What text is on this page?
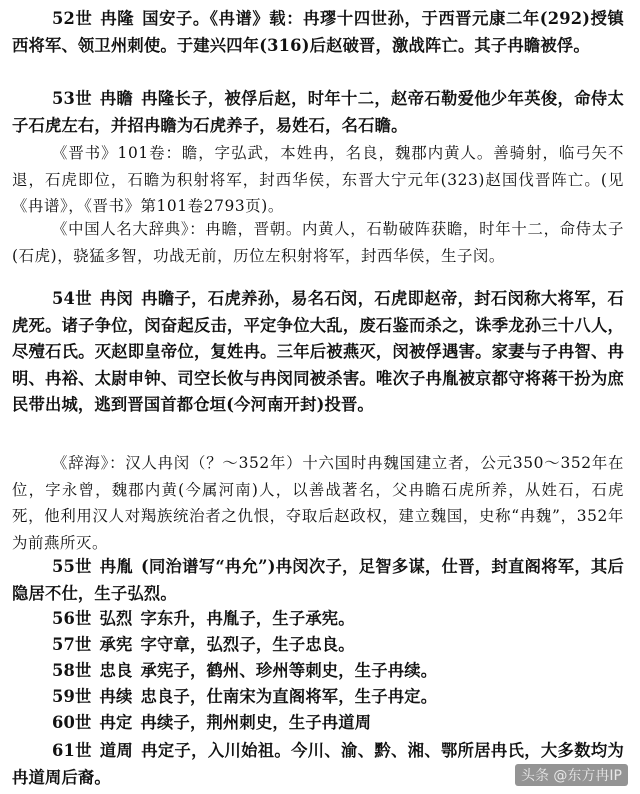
52世 冉隆 国安子。《冉谱》载：冉璆十四世孙，于西晋元康二年(292)授镇西将军、领卫州刺使。于建兴四年(316)后赵破晋，激战阵亡。其子冉瞻被俘。
53世 冉瞻 冉隆长子，被俘后赵，时年十二，赵帝石勒爱他少年英俊，命侍太子石虎左右，并招冉瞻为石虎养子，易姓石，名石瞻。
《晋书》101卷：瞻，字弘武，本姓冉，名良，魏郡内黄人。善骑射，临弓矢不退，石虎即位，石瞻为积射将军，封西华侯，东晋大宁元年(323)赵国伐晋阵亡。(见《冉谱》，《晋书》第101卷2793页)。
《中国人名大辞典》：冉瞻，晋朝。内黄人，石勒破阵获瞻，时年十二，命侍太子(石虎)，骁猛多智，功战无前，历位左积射将军，封西华侯，生子闵。
54世 冉闵 冉瞻子，石虎养孙，易名石闵，石虎即赵帝，封石闵称大将军，石虎死。诸子争位，闵奋起反击，平定争位大乱，废石鉴而杀之，诛季龙孙三十八人，尽殪石氏。灭赵即皇帝位，复姓冉。三年后被燕灭，闵被俘遇害。家妻与子冉智、冉明、冉裕、太尉申钟、司空长攸与冉闵同被杀害。唯次子冉胤被京都守将蒋干扮为庶民带出城，逃到晋国首都仓垣(今河南开封)投晋。
《辞海》：汉人冉闵（？～352年）十六国时冉魏国建立者，公元350～352年在位，字永曾，魏郡内黄(今属河南)人，以善战著名，父冉瞻石虎所养，从姓石，石虎死，他利用汉人对羯族统治者之仇恨，夺取后赵政权，建立魏国，史称“冉魏”，352年为前燕所灭。
55世 冉胤 (同治谱写“冉允”)冉闵次子，足智多谋，仕晋，封直阁将军，其后隐居不仕，生子弘烈。
56世 弘烈 字东升，冉胤子，生子承宪。
57世 承宪 字守章，弘烈子，生子忠良。
58世 忠良 承宪子，鹤州、珍州等刺史，生子冉续。
59世 冉续 忠良子，仕南宋为直阁将军，生子冉定。
60世 冉定 冉续子，荆州刺史，生子冉道周
61世 道周 冉定子，入川始祖。今川、渝、黔、湘、鄂所居冉氏，大多数均为冉道周后裔。	头条 @东方冉IP
